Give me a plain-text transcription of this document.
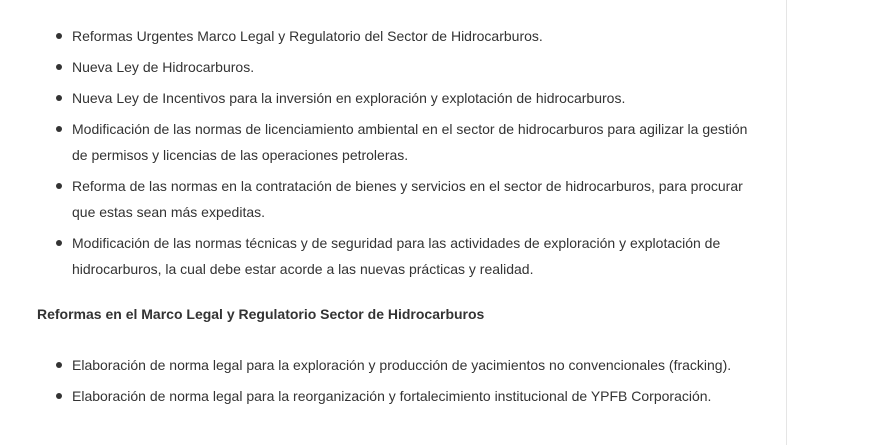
Reformas Urgentes Marco Legal y Regulatorio del Sector de Hidrocarburos.
Nueva Ley de Hidrocarburos.
Nueva Ley de Incentivos para la inversión en exploración y explotación de hidrocarburos.
Modificación de las normas de licenciamiento ambiental en el sector de hidrocarburos para agilizar la gestión de permisos y licencias de las operaciones petroleras.
Reforma de las normas en la contratación de bienes y servicios en el sector de hidrocarburos, para procurar que estas sean más expeditas.
Modificación de las normas técnicas y de seguridad para las actividades de exploración y explotación de hidrocarburos, la cual debe estar acorde a las nuevas prácticas y realidad.
Reformas en el Marco Legal y Regulatorio Sector de Hidrocarburos
Elaboración de norma legal para la exploración y producción de yacimientos no convencionales (fracking).
Elaboración de norma legal para la reorganización y fortalecimiento institucional de YPFB Corporación.
